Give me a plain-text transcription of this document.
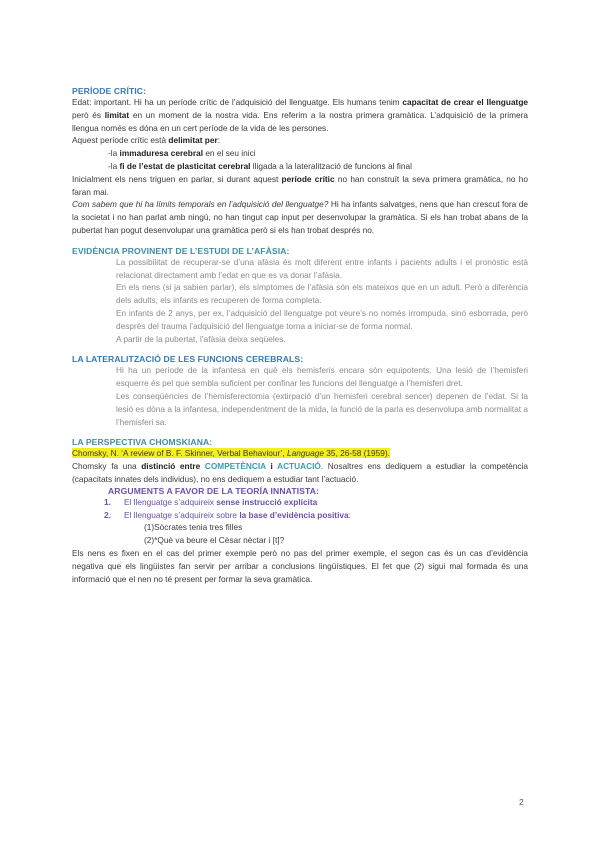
PERÍODE CRÍTIC:

Edat: important. Hi ha un període crític de l’adquisició del llenguatge. Els humans tenim capacitat de crear el llenguatge però és limitat en un moment de la nostra vida. Ens referim a la nostra primera gramàtica. L’adquisició de la primera llengua només es dóna en un cert període de la vida de les persones.

Aquest període crític està delimitat per:

-la immaduresa cerebral en el seu inici

-la fi de l’estat de plasticitat cerebral lligada a la lateralització de funcions al final

Inicialment els nens triguen en parlar, si durant aquest període crític no han construït la seva primera gramàtica, no ho faran mai.

Com sabem que hi ha límits temporals en l’adquisició del llenguatge? Hi ha infants salvatges, nens que han crescut fora de la societat i no han parlat amb ningú, no han tingut cap input per desenvolupar la gramàtica. Si els han trobat abans de la pubertat han pogut desenvolupar una gramàtica però si els han trobat després no.

EVIDÈNCIA PROVINENT DE L’ESTUDI DE L’AFÀSIA:

La possibilitat de recuperar-se d’una afàsia és molt diferent entre infants i pacients adults i el pronòstic està relacionat directament amb l’edat en que es va donar l’afàsia.

En els nens (si ja sabien parlar), els símptomes de l’afàsia són els mateixos que en un adult. Però a diferència dels adults, els infants es recuperen de forma completa.

En infants de 2 anys, per ex, l’adquisició del llenguatge pot veure’s no només irrompuda, sinó esborrada, però després del trauma l’adquisició del llenguatge torna a iniciar-se de forma normal.

A partir de la pubertat, l’afàsia deixa seqüeles.

LA LATERALITZACIÓ DE LES FUNCIONS CEREBRALS:

Hi ha un període de la infantesa en què els hemisferis encara són equipotents. Una lesió de l’hemisferi esquerre és pel que sembla suficient per confinar les funcions del llenguatge a l’hemisferi dret.

Les conseqüències de l’hemisferectomia (extirpació d’un hemisferi cerebral sencer) depenen de l’edat. Si la lesió es dóna a la infantesa, independentment de la mida, la funció de la parla es desenvolupa amb normalitat a l’hemisferi sa.

LA PERSPECTIVA CHOMSKIANA:

Chomsky, N. ‘A review of B. F. Skinner, Verbal Behaviour’, Language 35, 26-58 (1959).

Chomsky fa una distinció entre COMPETÈNCIA i ACTUACIÓ. Nosaltres ens dediquem a estudiar la competència (capacitats innates dels individus), no ens dediquem a estudiar tant l’actuació.

ARGUMENTS A FAVOR DE LA TEORÍA INNATISTA:

1. El llenguatge s’adquireix sense instrucció explícita
2. El llenguatge s’adquireix sobre la base d’evidència positiva:

(1)Sòcrates tenia tres filles

(2)*Què va beure el Cèsar nèctar i [t]?

Els nens es fixen en el cas del primer exemple però no pas del primer exemple, el segon cas és un cas d’evidència negativa que els lingüistes fan servir per arribar a conclusions lingüístiques. El fet que (2) sigui mal formada és una informació que el nen no té present per formar la seva gramàtica.

2
